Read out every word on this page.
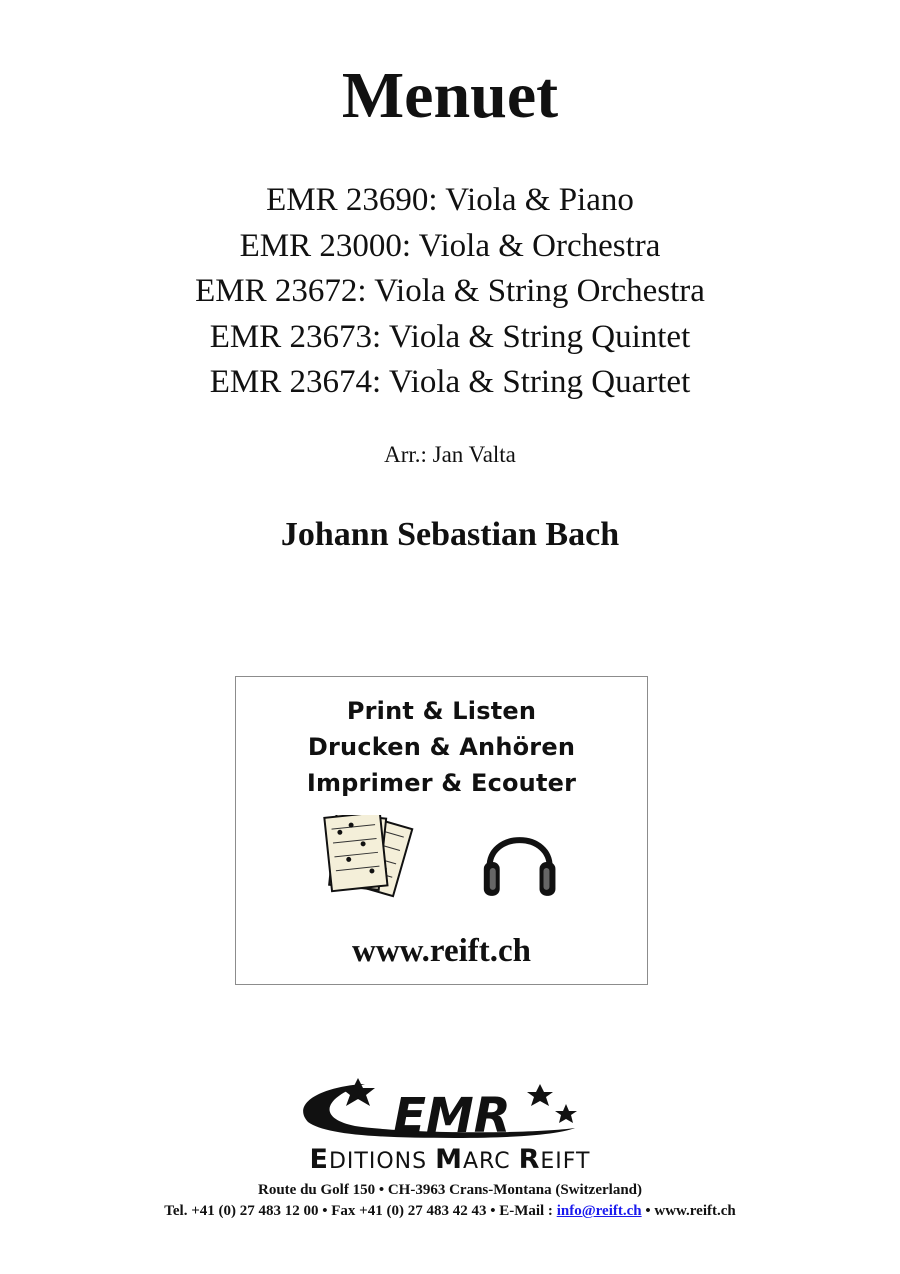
Menuet
EMR 23690: Viola & Piano
EMR 23000: Viola & Orchestra
EMR 23672: Viola & String Orchestra
EMR 23673: Viola & String Quintet
EMR 23674: Viola & String Quartet
Arr.: Jan Valta
Johann Sebastian Bach
Print & Listen
Drucken & Anhören
Imprimer & Ecouter
www.reift.ch
EMR
EDITIONS MARC REIFT
Route du Golf 150 • CH-3963 Crans-Montana (Switzerland)
Tel. +41 (0) 27 483 12 00 • Fax +41 (0) 27 483 42 43 • E-Mail : info@reift.ch • www.reift.ch
